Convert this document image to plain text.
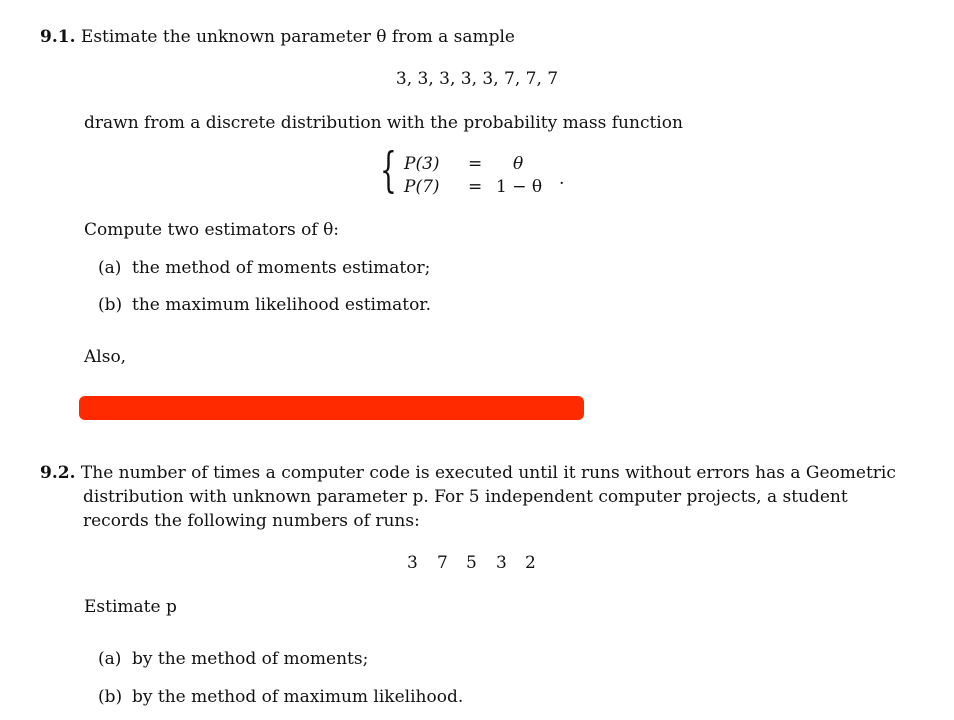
9.1. Estimate the unknown parameter θ from a sample
3, 3, 3, 3, 3, 7, 7, 7
drawn from a discrete distribution with the probability mass function
{ P(3) = θ
P(7) = 1 − θ .
Compute two estimators of θ:
(a) the method of moments estimator;
(b) the maximum likelihood estimator.
Also,
9.2. The number of times a computer code is executed until it runs without errors has a Geometric
distribution with unknown parameter p. For 5 independent computer projects, a student
records the following numbers of runs:
3 7 5 3 2
Estimate p
(a) by the method of moments;
(b) by the method of maximum likelihood.
